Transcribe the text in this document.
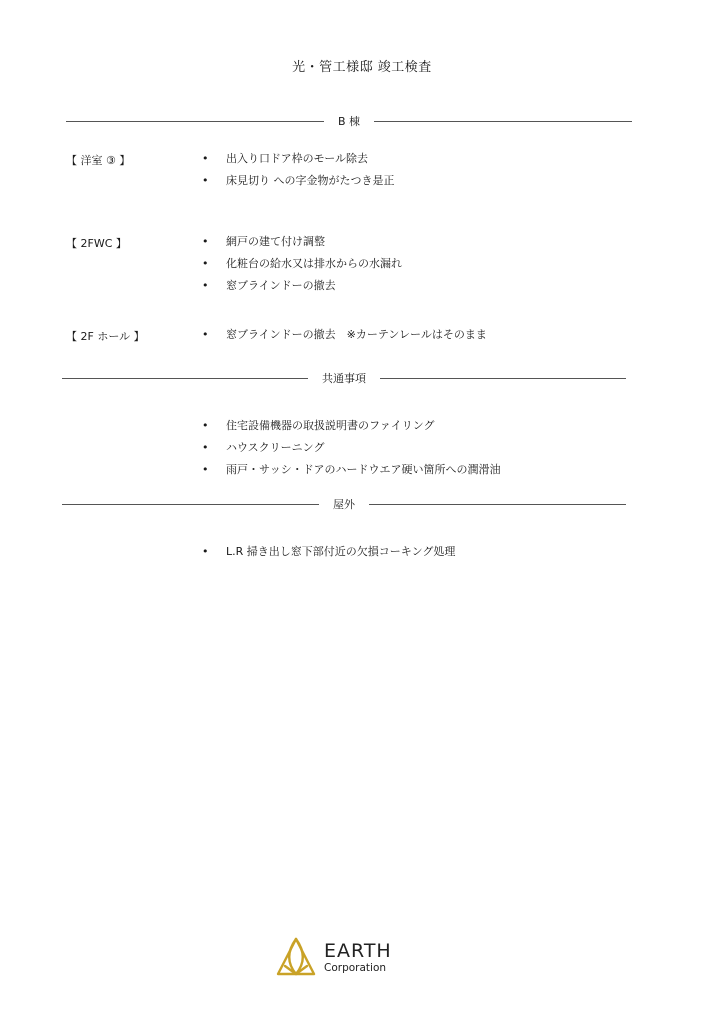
光・管工様邸 竣工検査
B 棟
【 洋室 ③ 】	• 出入り口ドア枠のモール除去
• 床見切り への字金物がたつき是正
【 2FWC 】	• 網戸の建て付け調整
• 化粧台の給水又は排水からの水漏れ
• 窓ブラインドーの撤去
【 2F ホール 】	• 窓ブラインドーの撤去　※カーテンレールはそのまま
共通事項
• 住宅設備機器の取扱説明書のファイリング
• ハウスクリーニング
• 雨戸・サッシ・ドアのハードウエア硬い箇所への潤滑油
屋外
• L.R 掃き出し窓下部付近の欠損コーキング処理
EARTH
Corporation
